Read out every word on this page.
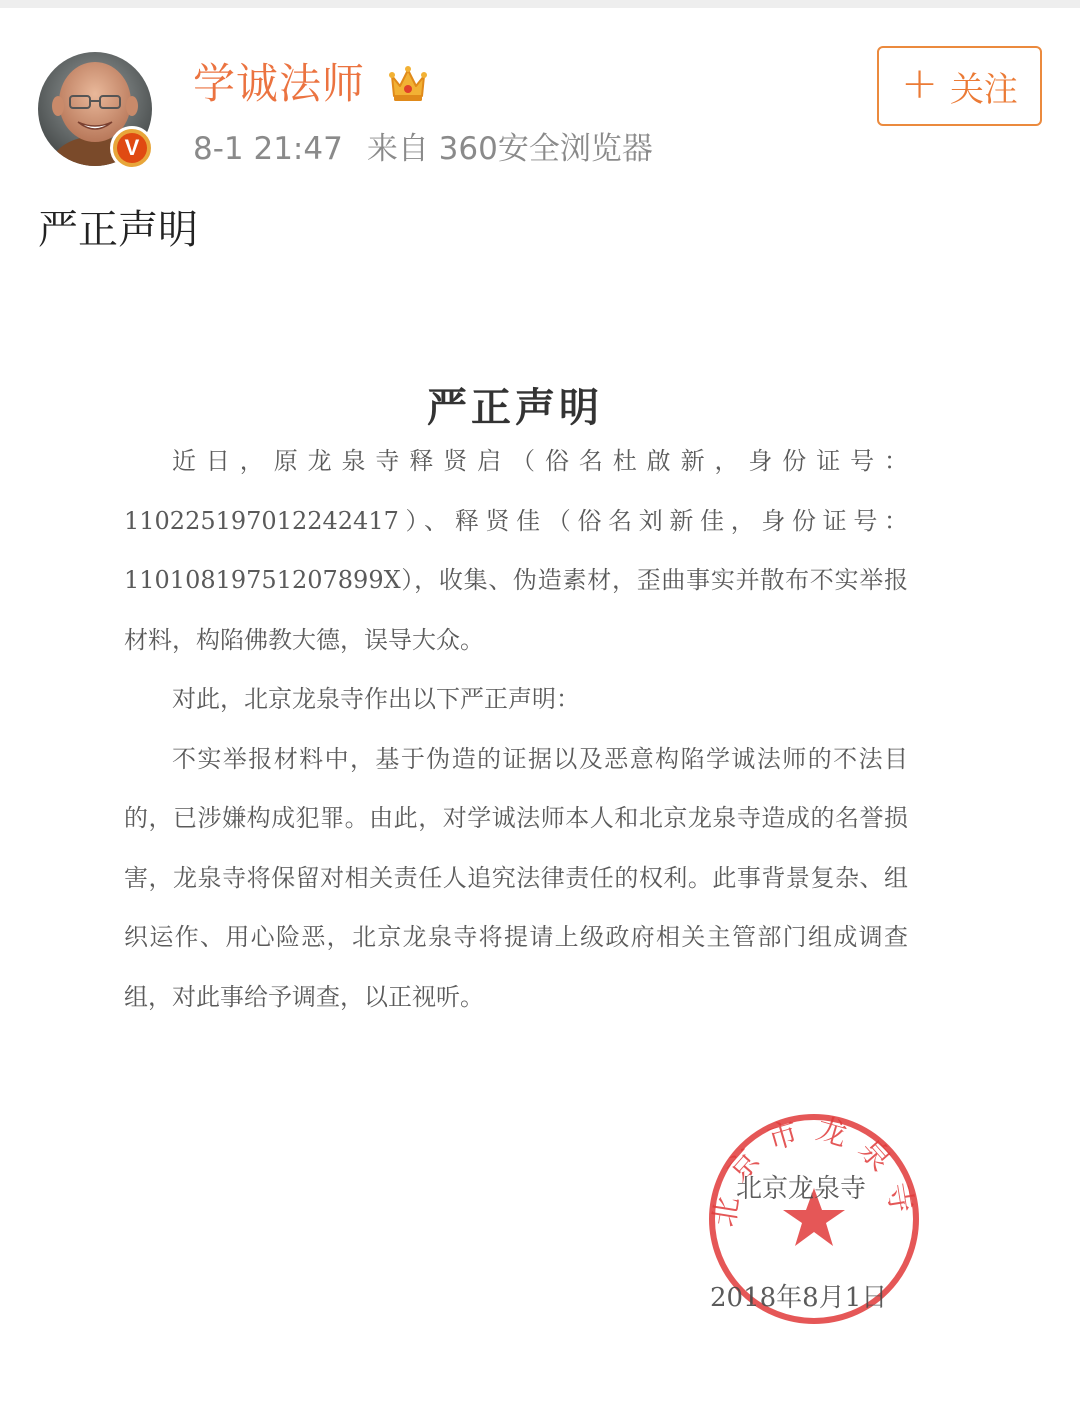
V
学诚法师
8-1 21:47 来自 360安全浏览器
+ 关注
严正声明
严正声明

近日，原龙泉寺释贤启（俗名杜啟新，身份证号：110225197012242417）、释贤佳（俗名刘新佳，身份证号：11010819751207899X），收集、伪造素材，歪曲事实并散布不实举报材料，构陷佛教大德，误导大众。

对此，北京龙泉寺作出以下严正声明：

不实举报材料中，基于伪造的证据以及恶意构陷学诚法师的不法目的，已涉嫌构成犯罪。由此，对学诚法师本人和北京龙泉寺造成的名誉损害，龙泉寺将保留对相关责任人追究法律责任的权利。此事背景复杂、组织运作、用心险恶，北京龙泉寺将提请上级政府相关主管部门组成调查组，对此事给予调查，以正视听。

北京市龙泉寺
北京龙泉寺
2018年8月1日
